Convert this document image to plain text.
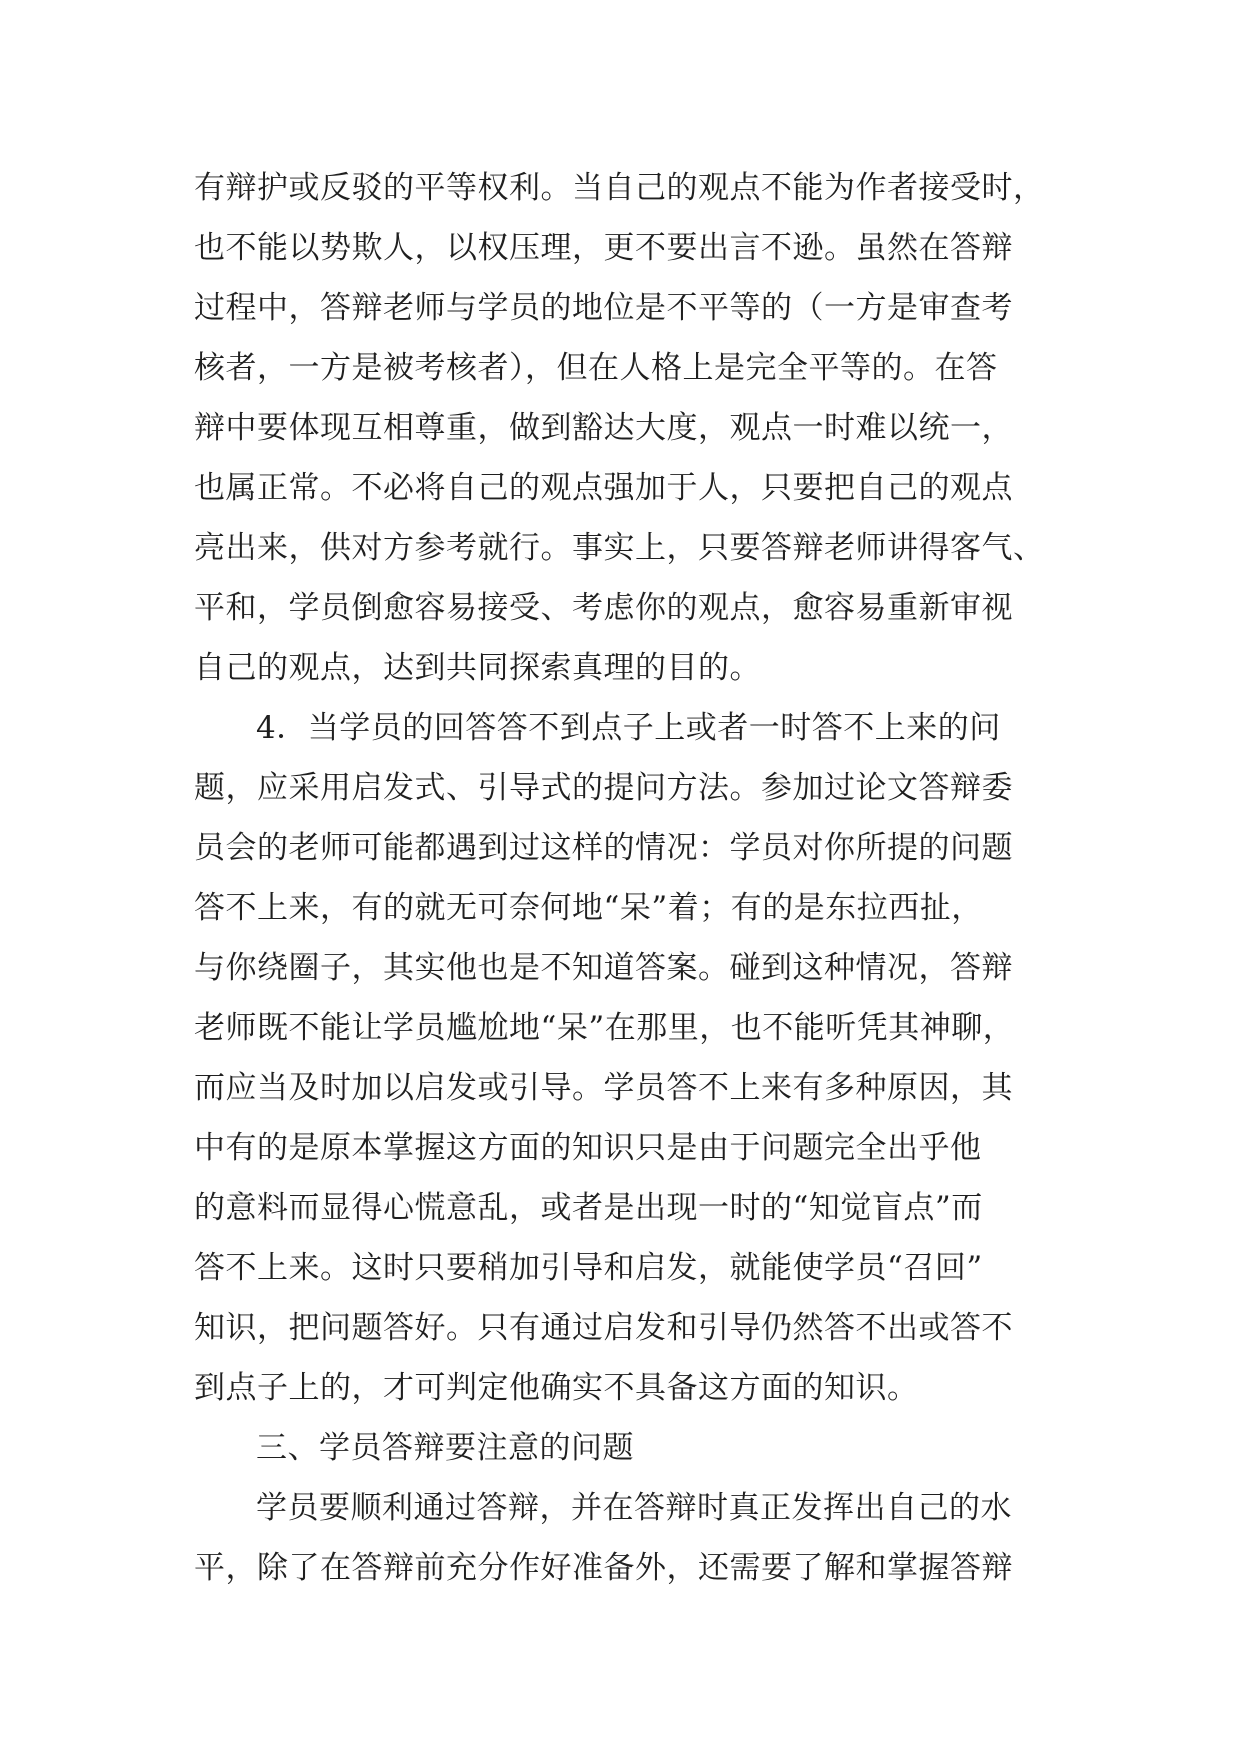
有辩护或反驳的平等权利。当自己的观点不能为作者接受时，
也不能以势欺人，以权压理，更不要出言不逊。虽然在答辩
过程中，答辩老师与学员的地位是不平等的（一方是审查考
核者，一方是被考核者），但在人格上是完全平等的。在答
辩中要体现互相尊重，做到豁达大度，观点一时难以统一，
也属正常。不必将自己的观点强加于人，只要把自己的观点
亮出来，供对方参考就行。事实上，只要答辩老师讲得客气、
平和，学员倒愈容易接受、考虑你的观点，愈容易重新审视
自己的观点，达到共同探索真理的目的。
4．当学员的回答答不到点子上或者一时答不上来的问
题，应采用启发式、引导式的提问方法。参加过论文答辩委
员会的老师可能都遇到过这样的情况：学员对你所提的问题
答不上来，有的就无可奈何地“呆”着；有的是东拉西扯，
与你绕圈子，其实他也是不知道答案。碰到这种情况，答辩
老师既不能让学员尴尬地“呆”在那里，也不能听凭其神聊，
而应当及时加以启发或引导。学员答不上来有多种原因，其
中有的是原本掌握这方面的知识只是由于问题完全出乎他
的意料而显得心慌意乱，或者是出现一时的“知觉盲点”而
答不上来。这时只要稍加引导和启发，就能使学员“召回”
知识，把问题答好。只有通过启发和引导仍然答不出或答不
到点子上的，才可判定他确实不具备这方面的知识。
三、学员答辩要注意的问题
学员要顺利通过答辩，并在答辩时真正发挥出自己的水
平，除了在答辩前充分作好准备外，还需要了解和掌握答辩
